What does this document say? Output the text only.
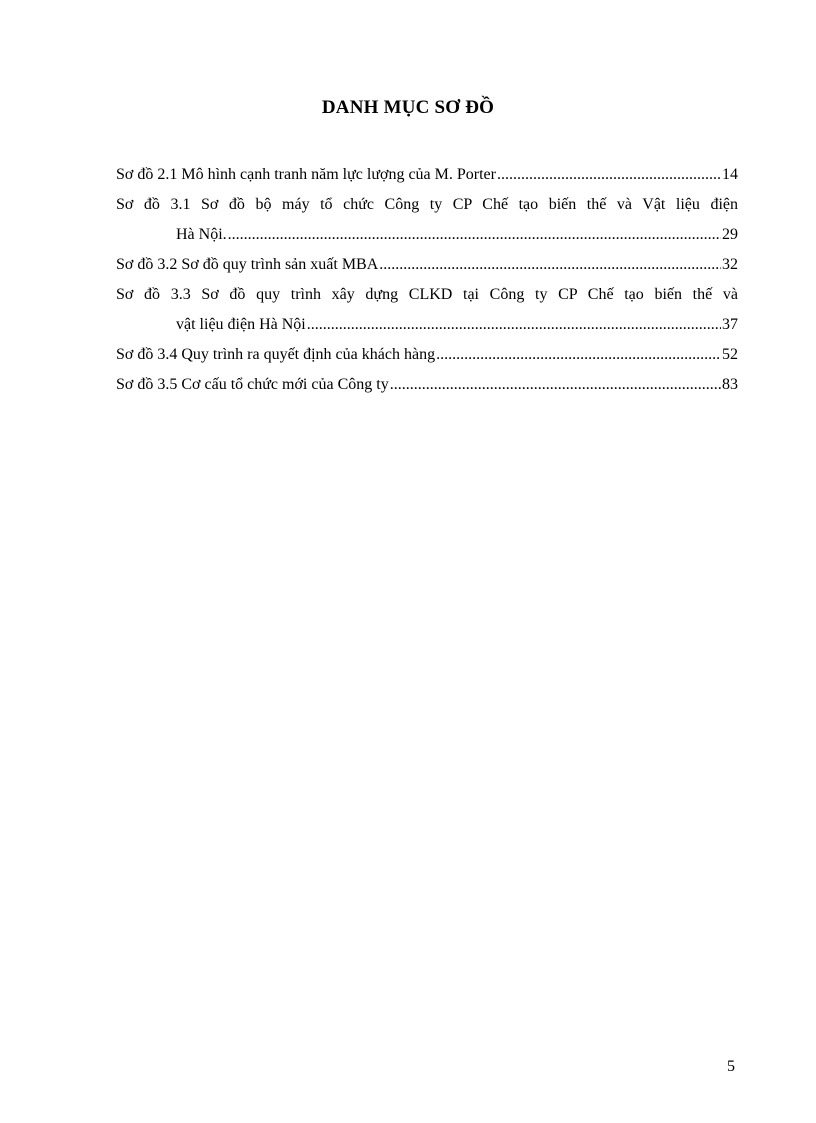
DANH MỤC SƠ ĐỒ
Sơ đồ 2.1 Mô hình cạnh tranh năm lực lượng của M. Porter .....	14
Sơ đồ 3.1 Sơ đồ bộ máy tổ chức Công ty CP Chế tạo biến thế và Vật liệu điện
Hà Nội. .....	29
Sơ đồ 3.2 Sơ đồ quy trình sản xuất MBA .....	32
Sơ đồ 3.3 Sơ đồ quy trình xây dựng CLKD tại Công ty CP Chế tạo biến thế và
vật liệu điện Hà Nội .....	37
Sơ đồ 3.4 Quy trình ra quyết định của khách hàng .....	52
Sơ đồ 3.5 Cơ cấu tổ chức mới của Công ty .....	83
5
